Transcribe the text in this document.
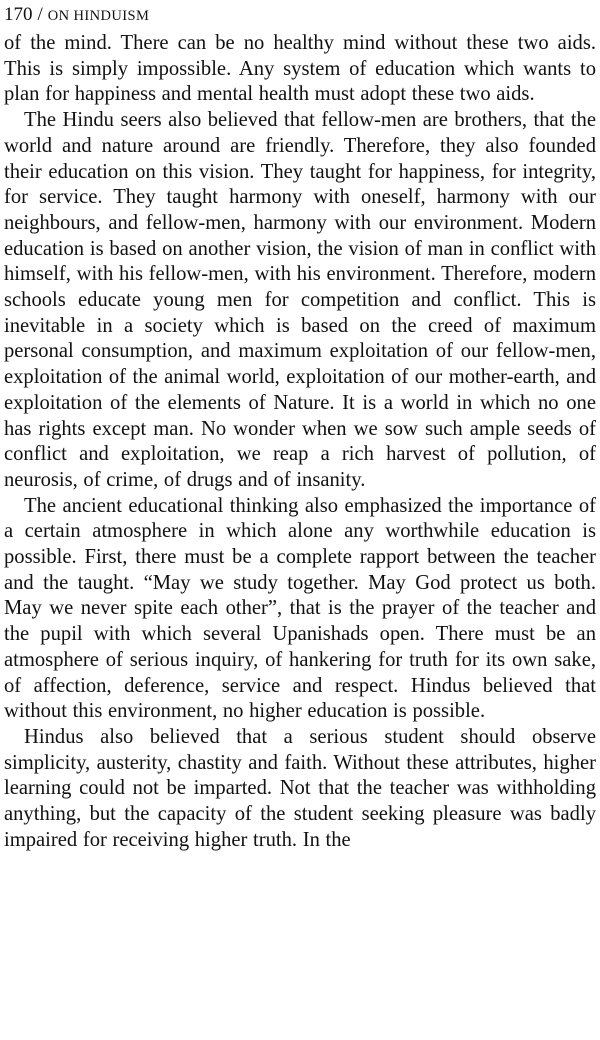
170 / ON HINDUISM

of the mind. There can be no healthy mind without these two aids. This is simply impossible. Any system of education which wants to plan for happiness and mental health must adopt these two aids.

The Hindu seers also believed that fellow-men are brothers, that the world and nature around are friendly. Therefore, they also founded their education on this vision. They taught for happiness, for integrity, for service. They taught harmony with oneself, harmony with our neighbours, and fellow-men, harmony with our environment. Modern education is based on another vision, the vision of man in conflict with himself, with his fellow-men, with his environment. Therefore, modern schools educate young men for competition and conflict. This is inevitable in a society which is based on the creed of maximum personal consumption, and maximum exploitation of our fellow-men, exploitation of the animal world, exploitation of our mother-earth, and exploitation of the elements of Nature. It is a world in which no one has rights except man. No wonder when we sow such ample seeds of conflict and exploitation, we reap a rich harvest of pollution, of neurosis, of crime, of drugs and of insanity.

The ancient educational thinking also emphasized the importance of a certain atmosphere in which alone any worthwhile education is possible. First, there must be a complete rapport between the teacher and the taught. “May we study together. May God protect us both. May we never spite each other”, that is the prayer of the teacher and the pupil with which several Upanishads open. There must be an atmosphere of serious inquiry, of hankering for truth for its own sake, of affection, deference, service and respect. Hindus believed that without this environment, no higher education is possible.

Hindus also believed that a serious student should observe simplicity, austerity, chastity and faith. Without these attributes, higher learning could not be imparted. Not that the teacher was withholding anything, but the capacity of the student seeking pleasure was badly impaired for receiving higher truth. In the
